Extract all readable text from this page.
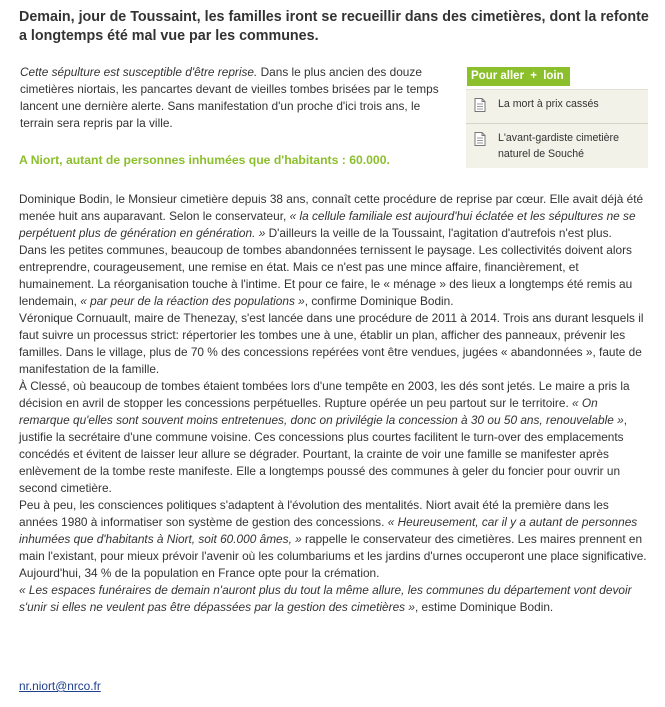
Demain, jour de Toussaint, les familles iront se recueillir dans des cimetières, dont la refonte a longtemps été mal vue par les communes.
Cette sépulture est susceptible d'être reprise. Dans le plus ancien des douze cimetières niortais, les pancartes devant de vieilles tombes brisées par le temps lancent une dernière alerte. Sans manifestation d'un proche d'ici trois ans, le terrain sera repris par la ville.
Pour aller + loin
La mort à prix cassés
L'avant-gardiste cimetière naturel de Souché
A Niort, autant de personnes inhumées que d'habitants : 60.000.

Dominique Bodin, le Monsieur cimetière depuis 38 ans, connaît cette procédure de reprise par cœur. Elle avait déjà été menée huit ans auparavant. Selon le conservateur, « la cellule familiale est aujourd'hui éclatée et les sépultures ne se perpétuent plus de génération en génération. » D'ailleurs la veille de la Toussaint, l'agitation d'autrefois n'est plus.

Dans les petites communes, beaucoup de tombes abandonnées ternissent le paysage. Les collectivités doivent alors entreprendre, courageusement, une remise en état. Mais ce n'est pas une mince affaire, financièrement, et humainement. La réorganisation touche à l'intime. Et pour ce faire, le « ménage » des lieux a longtemps été remis au lendemain, « par peur de la réaction des populations », confirme Dominique Bodin.

Véronique Cornuault, maire de Thenezay, s'est lancée dans une procédure de 2011 à 2014. Trois ans durant lesquels il faut suivre un processus strict: répertorier les tombes une à une, établir un plan, afficher des panneaux, prévenir les familles. Dans le village, plus de 70 % des concessions repérées vont être vendues, jugées « abandonnées », faute de manifestation de la famille.

À Clessé, où beaucoup de tombes étaient tombées lors d'une tempête en 2003, les dés sont jetés. Le maire a pris la décision en avril de stopper les concessions perpétuelles. Rupture opérée un peu partout sur le territoire. « On remarque qu'elles sont souvent moins entretenues, donc on privilégie la concession à 30 ou 50 ans, renouvelable », justifie la secrétaire d'une commune voisine. Ces concessions plus courtes facilitent le turn-over des emplacements concédés et évitent de laisser leur allure se dégrader. Pourtant, la crainte de voir une famille se manifester après enlèvement de la tombe reste manifeste. Elle a longtemps poussé des communes à geler du foncier pour ouvrir un second cimetière.

Peu à peu, les consciences politiques s'adaptent à l'évolution des mentalités. Niort avait été la première dans les années 1980 à informatiser son système de gestion des concessions. « Heureusement, car il y a autant de personnes inhumées que d'habitants à Niort, soit 60.000 âmes, » rappelle le conservateur des cimetières. Les maires prennent en main l'existant, pour mieux prévoir l'avenir où les columbariums et les jardins d'urnes occuperont une place significative. Aujourd'hui, 34 % de la population en France opte pour la crémation.

« Les espaces funéraires de demain n'auront plus du tout la même allure, les communes du département vont devoir s'unir si elles ne veulent pas être dépassées par la gestion des cimetières », estime Dominique Bodin.

nr.niort@nrco.fr
